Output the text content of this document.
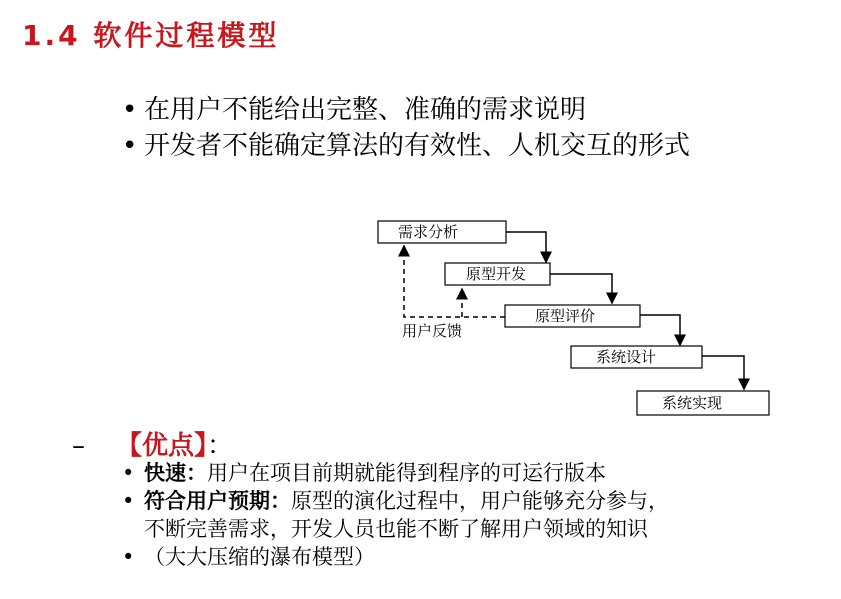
1.4 软件过程模型
• 在用户不能给出完整、准确的需求说明
• 开发者不能确定算法的有效性、人机交互的形式
需求分析
原型开发
原型评价
系统设计
系统实现
用户反馈
– 【优点】：
• 快速：用户在项目前期就能得到程序的可运行版本
• 符合用户预期：原型的演化过程中，用户能够充分参与，
不断完善需求，开发人员也能不断了解用户领域的知识
• （大大压缩的瀑布模型）
